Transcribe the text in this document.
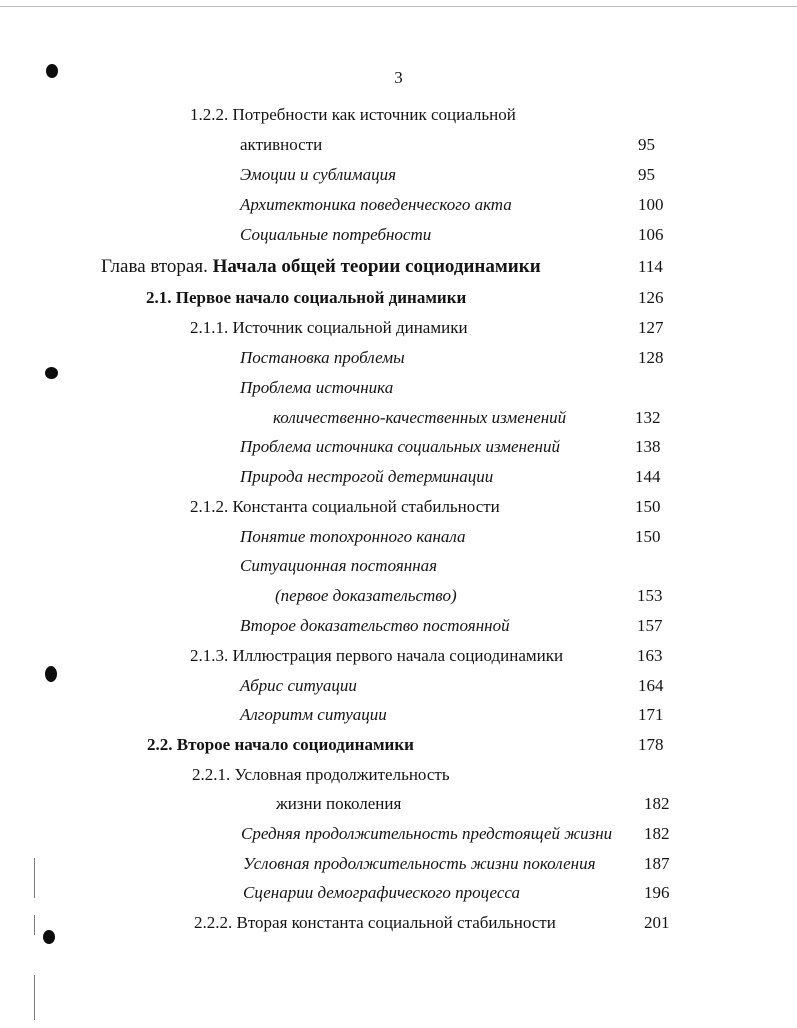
3
1.2.2. Потребности как источник социальной
активности	95
Эмоции и сублимация	95
Архитектоника поведенческого акта	100
Социальные потребности	106
Глава вторая. Начала общей теории социодинамики	114
2.1. Первое начало социальной динамики	126
2.1.1. Источник социальной динамики	127
Постановка проблемы	128
Проблема источника
количественно-качественных изменений	132
Проблема источника социальных изменений	138
Природа нестрогой детерминации	144
2.1.2. Константа социальной стабильности	150
Понятие топохронного канала	150
Ситуационная постоянная
(первое доказательство)	153
Второе доказательство постоянной	157
2.1.3. Иллюстрация первого начала социодинамики	163
Абрис ситуации	164
Алгоритм ситуации	171
2.2. Второе начало социодинамики	178
2.2.1. Условная продолжительность
жизни поколения	182
Средняя продолжительность предстоящей жизни 182
Условная продолжительность жизни поколения	187
Сценарии демографического процесса	196
2.2.2. Вторая константа социальной стабильности	201
